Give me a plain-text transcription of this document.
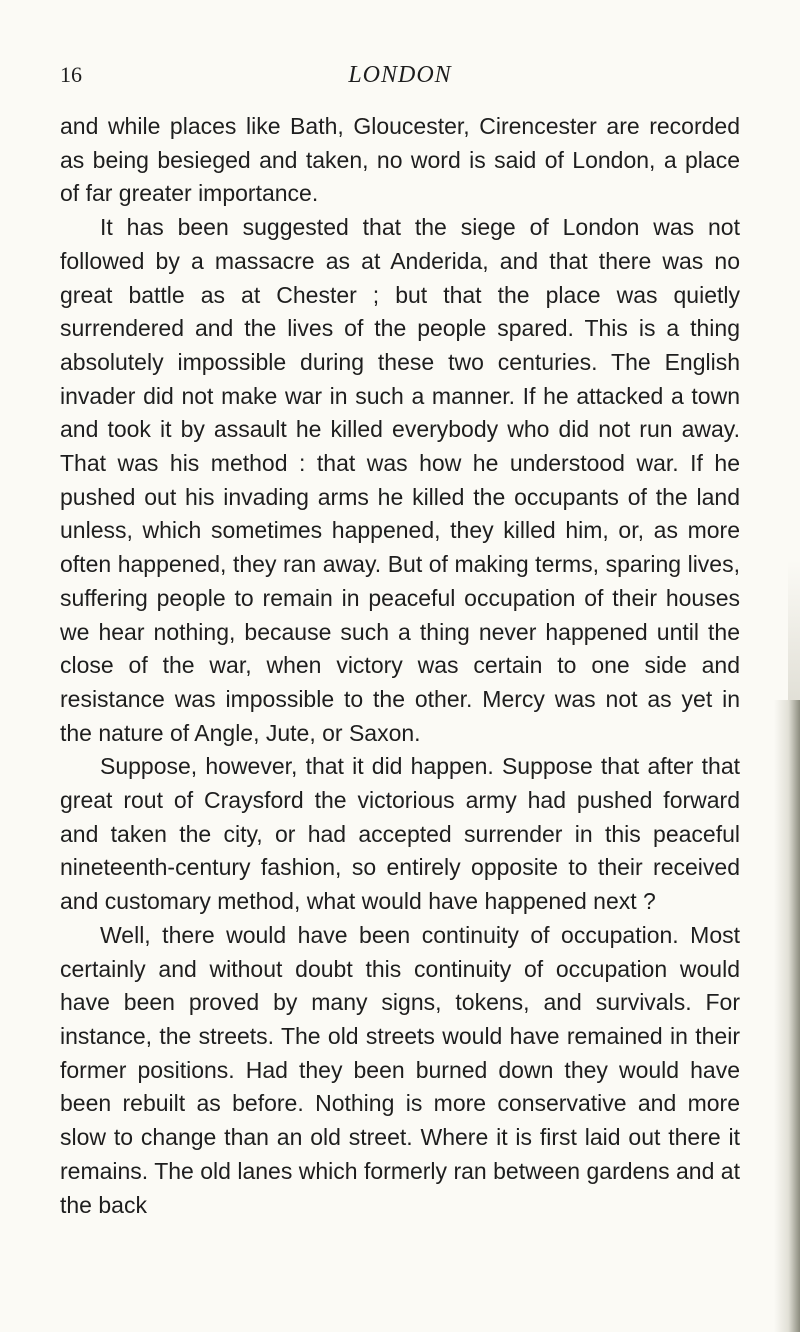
16	LONDON

and while places like Bath, Gloucester, Cirencester are recorded as being besieged and taken, no word is said of London, a place of far greater importance.

It has been suggested that the siege of London was not followed by a massacre as at Anderida, and that there was no great battle as at Chester ; but that the place was quietly surrendered and the lives of the people spared. This is a thing absolutely impossible during these two centuries. The English invader did not make war in such a manner. If he attacked a town and took it by assault he killed everybody who did not run away. That was his method : that was how he understood war. If he pushed out his invading arms he killed the occupants of the land unless, which sometimes happened, they killed him, or, as more often happened, they ran away. But of making terms, sparing lives, suffering people to remain in peaceful occupation of their houses we hear nothing, because such a thing never happened until the close of the war, when victory was certain to one side and resistance was impossible to the other. Mercy was not as yet in the nature of Angle, Jute, or Saxon.

Suppose, however, that it did happen. Suppose that after that great rout of Craysford the victorious army had pushed forward and taken the city, or had accepted surrender in this peaceful nineteenth-century fashion, so entirely opposite to their received and customary method, what would have happened next ?

Well, there would have been continuity of occupation. Most certainly and without doubt this continuity of occupation would have been proved by many signs, tokens, and survivals. For instance, the streets. The old streets would have remained in their former positions. Had they been burned down they would have been rebuilt as before. Nothing is more conservative and more slow to change than an old street. Where it is first laid out there it remains. The old lanes which formerly ran between gardens and at the back
